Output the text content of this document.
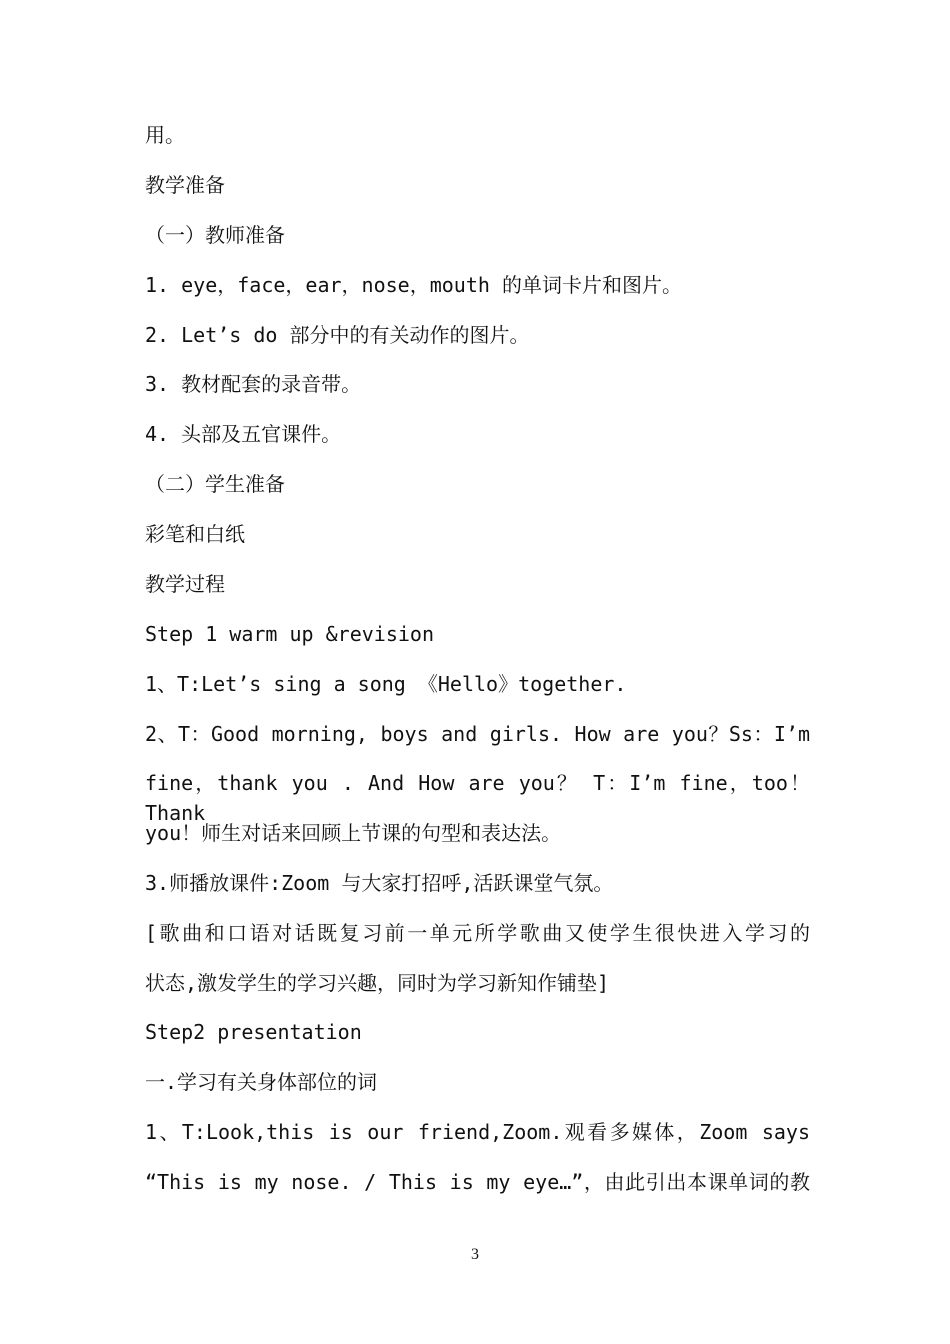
用。
教学准备
（一）教师准备
1. eye，face，ear，nose，mouth 的单词卡片和图片。
2. Let’s do 部分中的有关动作的图片。
3. 教材配套的录音带。
4. 头部及五官课件。
（二）学生准备
彩笔和白纸
教学过程
Step 1 warm up &revision
1、T:Let’s sing a song 《Hello》together.
2、T：Good morning, boys and girls. How are you？Ss：I’m
fine，thank you . And How are you？ T：I’m fine，too！Thank
you！师生对话来回顾上节课的句型和表达法。
3.师播放课件:Zoom 与大家打招呼,活跃课堂气氛。
[歌曲和口语对话既复习前一单元所学歌曲又使学生很快进入学习的
状态,激发学生的学习兴趣，同时为学习新知作铺垫]
Step2 presentation
一.学习有关身体部位的词
1、T:Look,this is our friend,Zoom.观看多媒体，Zoom says
“This is my nose. / This is my eye…”，由此引出本课单词的教
3
